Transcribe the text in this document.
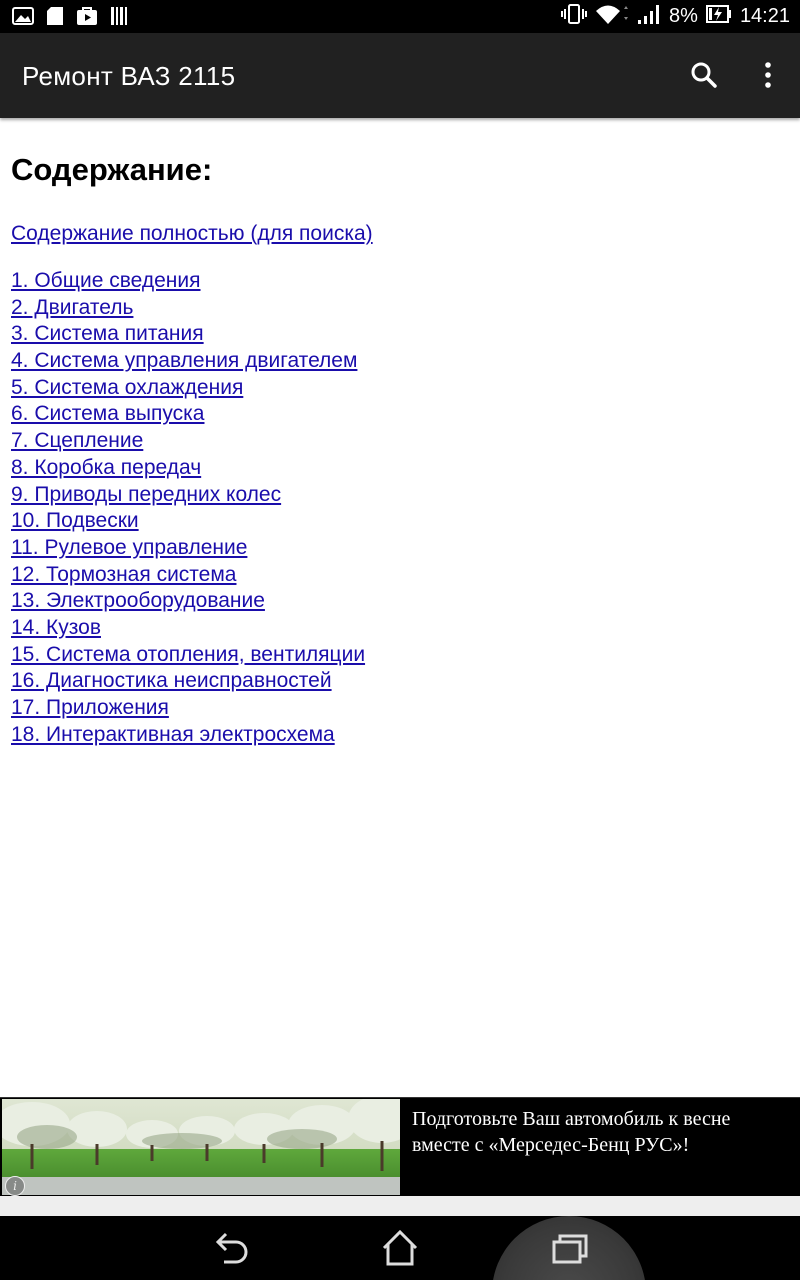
8% 14:21
Ремонт ВАЗ 2115
Содержание:
Содержание полностью (для поиска)
1. Общие сведения
2. Двигатель
3. Система питания
4. Система управления двигателем
5. Система охлаждения
6. Система выпуска
7. Сцепление
8. Коробка передач
9. Приводы передних колес
10. Подвески
11. Рулевое управление
12. Тормозная система
13. Электрооборудование
14. Кузов
15. Система отопления, вентиляции
16. Диагностика неисправностей
17. Приложения
18. Интерактивная электросхема
Подготовьте Ваш автомобиль к весне
вместе с «Мерседес-Бенц РУС»!
i
